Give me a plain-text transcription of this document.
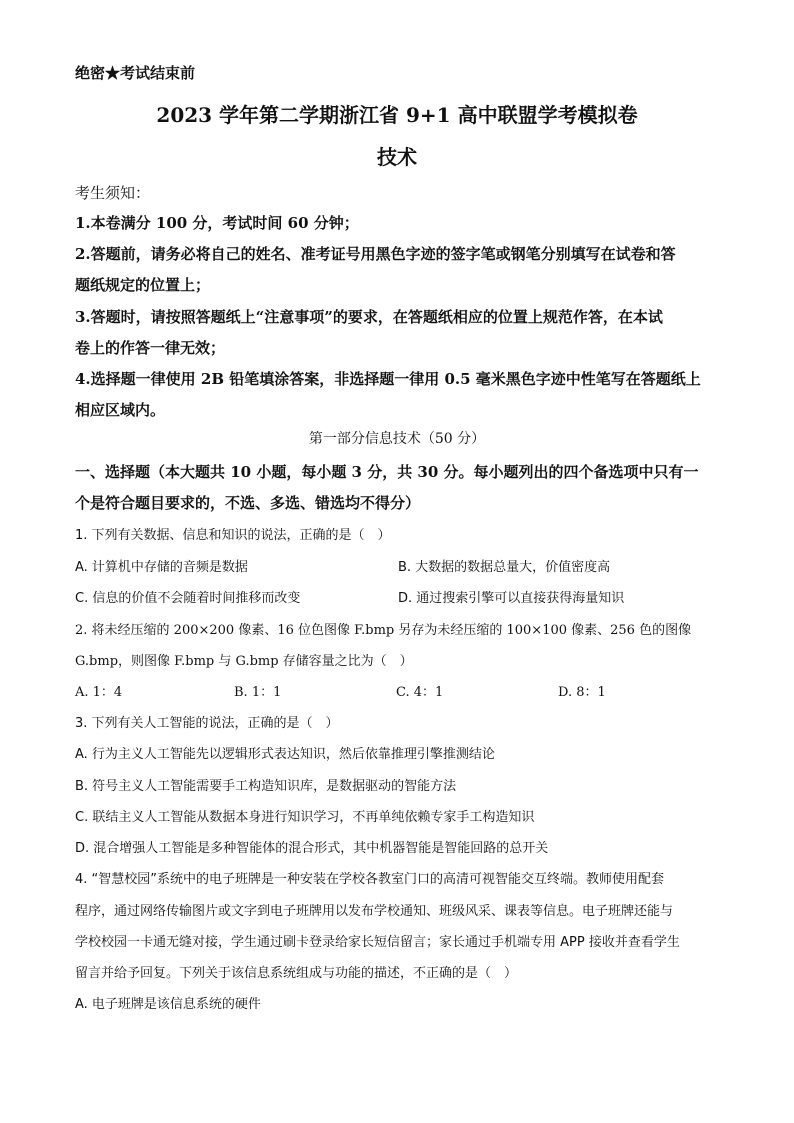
绝密★考试结束前
2023 学年第二学期浙江省 9+1 高中联盟学考模拟卷
技术
考生须知：
1.本卷满分 100 分，考试时间 60 分钟；
2.答题前，请务必将自己的姓名、准考证号用黑色字迹的签字笔或钢笔分别填写在试卷和答
题纸规定的位置上；
3.答题时，请按照答题纸上“注意事项”的要求，在答题纸相应的位置上规范作答，在本试
卷上的作答一律无效；
4.选择题一律使用 2B 铅笔填涂答案，非选择题一律用 0.5 毫米黑色字迹中性笔写在答题纸上
相应区域内。
第一部分信息技术（50 分）
一、选择题（本大题共 10 小题，每小题 3 分，共 30 分。每小题列出的四个备选项中只有一
个是符合题目要求的，不选、多选、错选均不得分）
1. 下列有关数据、信息和知识的说法，正确的是（　）
A. 计算机中存储的音频是数据	B. 大数据的数据总量大，价值密度高
C. 信息的价值不会随着时间推移而改变	D. 通过搜索引擎可以直接获得海量知识
2. 将未经压缩的 200×200 像素、16 位色图像 F.bmp 另存为未经压缩的 100×100 像素、256 色的图像
G.bmp，则图像 F.bmp 与 G.bmp 存储容量之比为（　）
A. 1：4	B. 1：1	C. 4：1	D. 8：1
3. 下列有关人工智能的说法，正确的是（　）
A. 行为主义人工智能先以逻辑形式表达知识，然后依靠推理引擎推测结论
B. 符号主义人工智能需要手工构造知识库，是数据驱动的智能方法
C. 联结主义人工智能从数据本身进行知识学习，不再单纯依赖专家手工构造知识
D. 混合增强人工智能是多种智能体的混合形式，其中机器智能是智能回路的总开关
4. “智慧校园”系统中的电子班牌是一种安装在学校各教室门口的高清可视智能交互终端。教师使用配套
程序，通过网络传输图片或文字到电子班牌用以发布学校通知、班级风采、课表等信息。电子班牌还能与
学校校园一卡通无缝对接，学生通过刷卡登录给家长短信留言；家长通过手机端专用 APP 接收并查看学生
留言并给予回复。下列关于该信息系统组成与功能的描述，不正确的是（　）
A. 电子班牌是该信息系统的硬件
